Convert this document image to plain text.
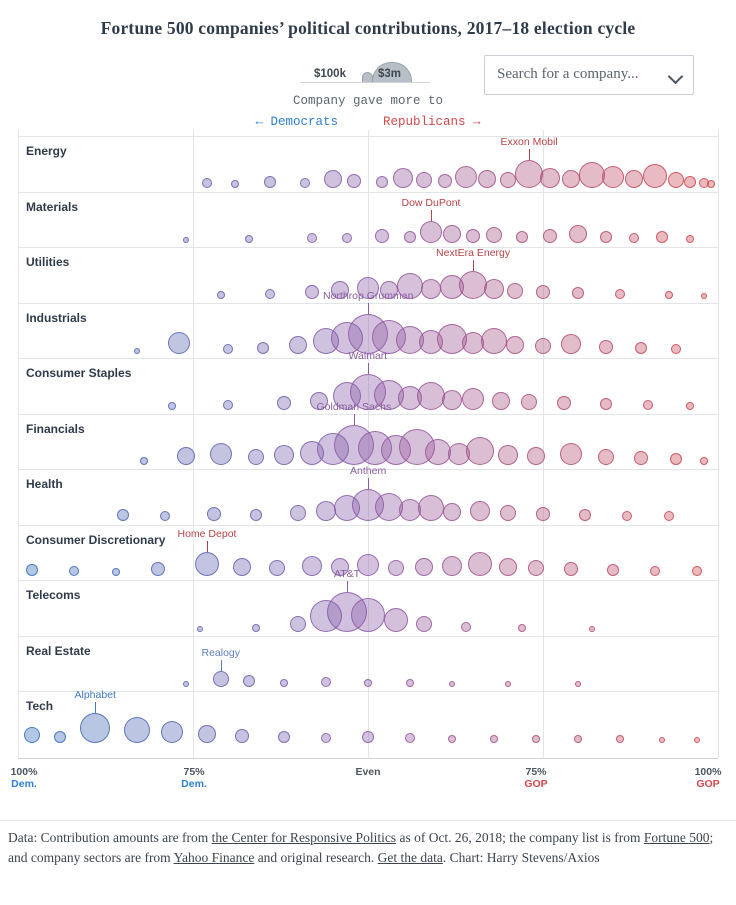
Fortune 500 companies’ political contributions, 2017–18 election cycle
$100k	$3m
Company gave more to
← Democrats	Republicans →
Search for a company...
Energy
Materials
Utilities
Industrials
Consumer Staples
Financials
Health
Consumer Discretionary
Telecoms
Real Estate
Tech
Exxon Mobil
Dow DuPont
NextEra Energy
Northrop Grumman
Walmart
Goldman Sachs
Anthem
Home Depot
AT&T
Realogy
Alphabet
100%
Dem.
75%
Dem.
Even	75%
GOP
100%
GOP
Data: Contribution amounts are from the Center for Responsive Politics as of Oct. 26, 2018; the company list is from Fortune 500; and company sectors are from Yahoo Finance and original research. Get the data. Chart: Harry Stevens/Axios
